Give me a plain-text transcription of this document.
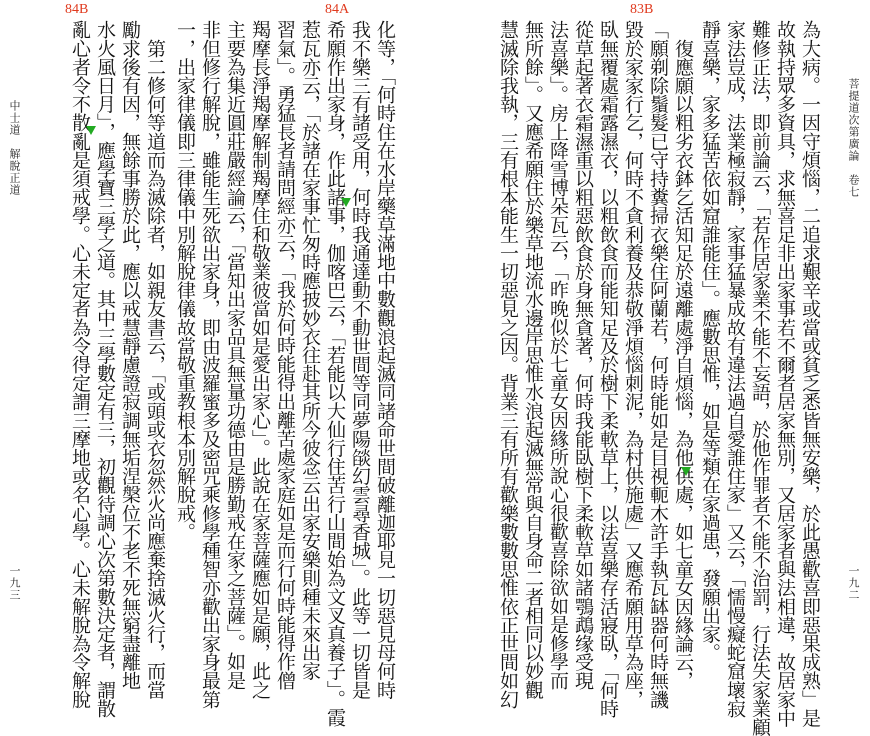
84B	84A	83B
菩提道次第廣論　卷七
一九二
為大病。一因守煩惱，二追求艱辛或當或貧乏悉皆無安樂，於此愚歡喜即惡果成熟」是
故執持眾多資具，求無喜足非出家事若不爾者居家無別，又居家者與法相違，故居家中
難修正法，即前論云，「若作居家業不能不妄語，於他作罪者不能不治罰，行法失家業顧
家法豈成，法業極寂靜，家事猛暴成故有違法過自愛誰住家」又云，「懦慢癡蛇窟壞寂
靜喜樂，家多猛苦依如窟誰能住」。應數思惟，如是等類在家過患，發願出家。
　復應願以粗劣衣鉢乞活知足於遠離處淨自煩惱，為他供處，如七童女因緣論云，
「願剃除鬚髮已守持糞掃衣樂住阿蘭若，何時能如是目視軛木許手執瓦缽器何時無譏
毀於家家行乞，何時不貪利養及恭敬淨煩惱刺泥，為村供施處」又應希願用草為座，
臥無覆處霜露濕衣，以粗飲食而能知足及於樹下柔軟草上，以法喜樂存活寢臥，「何時
從草起著衣霜濕重以粗惡飲食於身無貪著，何時我能臥樹下柔軟草如諸鶚鵡缘受現
法喜樂」。房上降雪博朵瓦云，「昨晚似於七童女因緣所說心很歡喜除欲如是修學而
無所餘」。又應希願住於樂草地流水邊岸思惟水浪起滅無常與自身命二者相同以妙觀
慧滅除我執，三有根本能生一切惡見之因。背業三有所有歡樂數數思惟依正世間如幻
中士道　解脫正道
一九三	化等，「何時住在水岸藥草滿地中數觀浪起滅同諸命世間破離迦耶見一切惡見母何時
我不樂三有諸受用，何時我通達動不動世間等同夢陽燄幻雲尋香城」。此等一切皆是
希願作出家身，作此諸事，伽喀巴云，「若能以大仙行住苦行山間始為文叉真養子」。霞
惹瓦亦云，「於諸在家事忙匆時應披妙衣往赴其所今彼念云出家安樂則種未來出家
習氣」。勇猛長者請問經亦云，「我於何時能得出離苦處家庭如是而行何時能得作僧
羯摩長淨羯摩解制羯摩住和敬業彼當如是愛出家心」。此說在家菩薩應如是願，此之
主要為集近圓莊嚴經論云，「當知出家品具無量功德由是勝勤戒在家之菩薩」。如是
非但修行解脫，雖能生死欲出家身，即由波羅蜜多及密咒乘修學種智亦歡出家身最第
一，出家律儀即三律儀中別解脫律儀故當敬重教根本別解脫戒。
　第二修何等道而為滅除者，如親友書云，「或頭或衣忽然火尚應棄捨滅火行，而當
勵求後有因，無餘事勝於此，應以戒慧靜慮證寂調無垢涅槃位不老不死無窮盡離地
水火風日月」，應學寶三學之道。其中三學數定有三，初觀待調心次第數決定者，謂散
亂心者令不散亂是須戒學。心未定者為令得定謂三摩地或名心學。心未解脫為令解脫
